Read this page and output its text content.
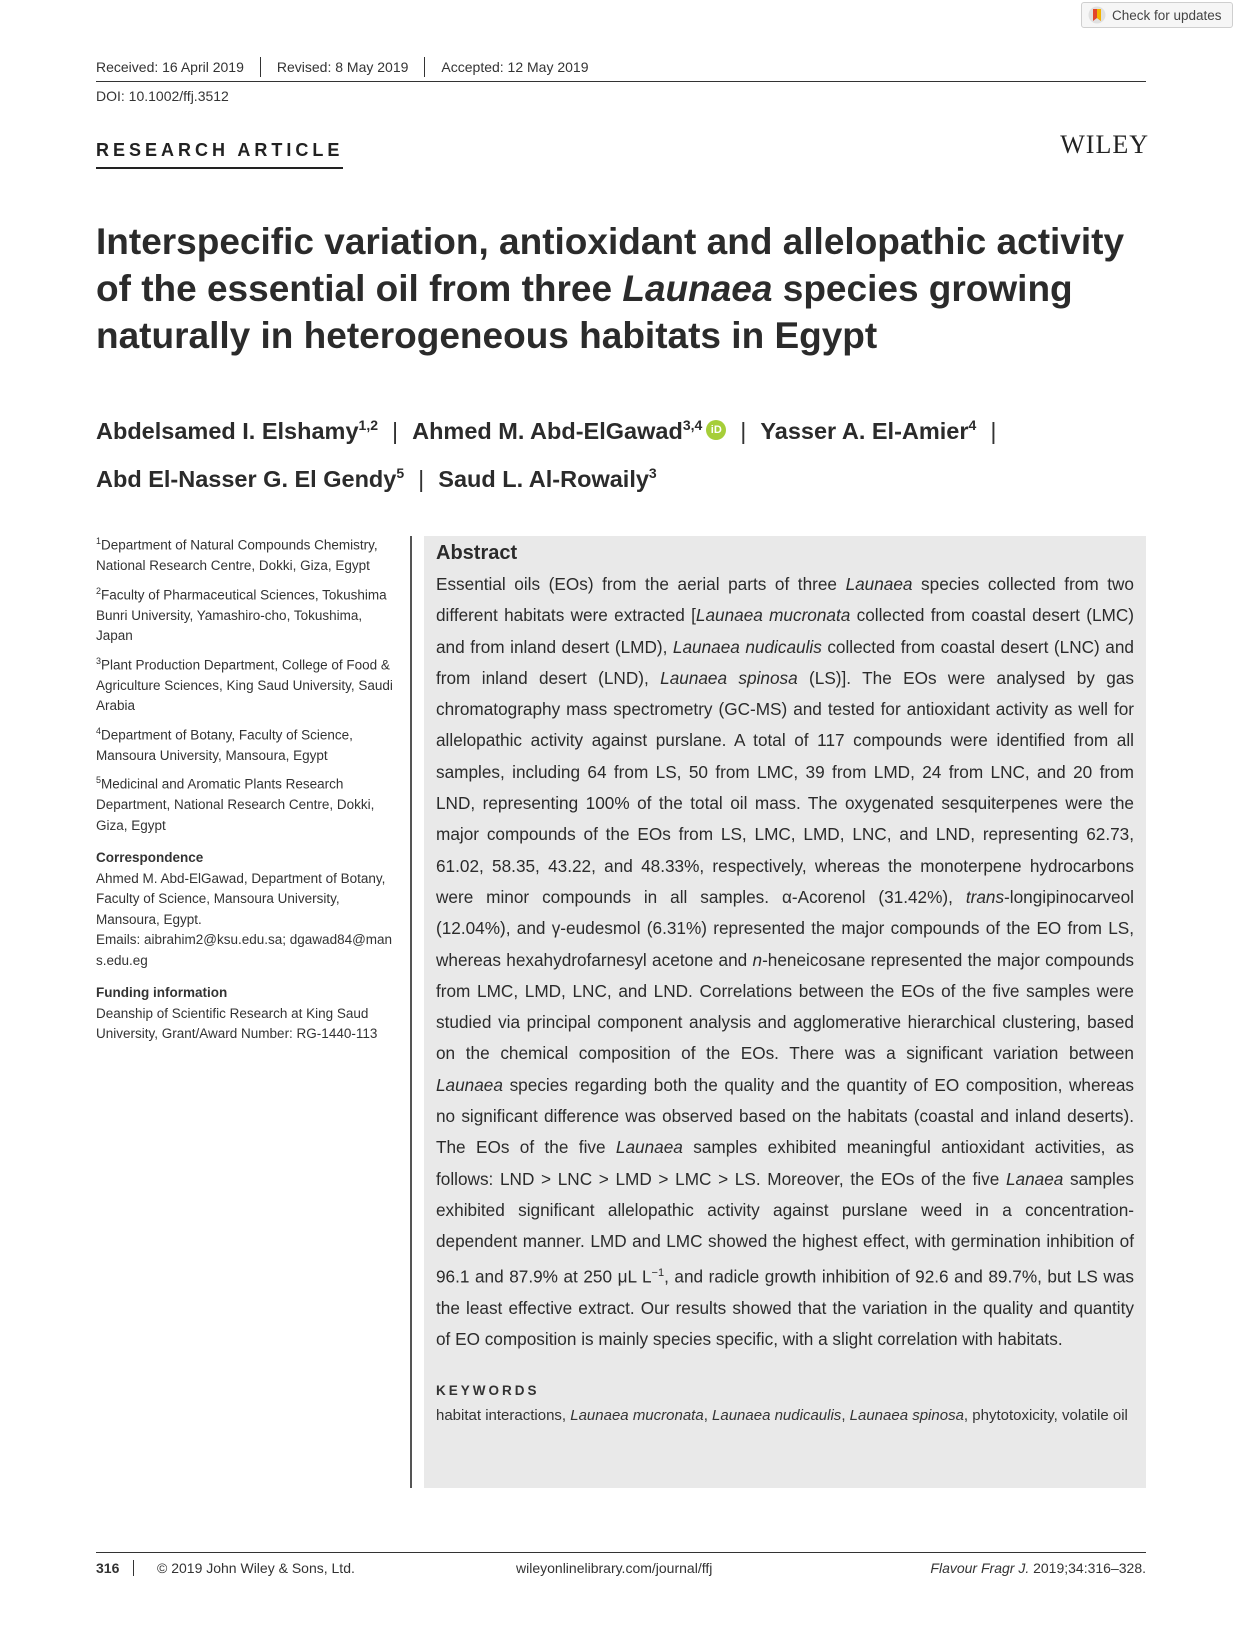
Check for updates
Received: 16 April 2019	Revised: 8 May 2019	Accepted: 12 May 2019
DOI: 10.1002/ffj.3512
RESEARCH ARTICLE	WILEY
Interspecific variation, antioxidant and allelopathic activity of the essential oil from three Launaea species growing naturally in heterogeneous habitats in Egypt
Abdelsamed I. Elshamy$^{1,2}$ | Ahmed M. Abd-ElGawad$^{3,4}$ iD | Yasser A. El-Amier$^4$ |
Abd El-Nasser G. El Gendy$^5$ | Saud L. Al-Rowaily$^3$
$^1$Department of Natural Compounds Chemistry, National Research Centre, Dokki, Giza, Egypt
$^2$Faculty of Pharmaceutical Sciences, Tokushima Bunri University, Yamashiro-cho, Tokushima, Japan
$^3$Plant Production Department, College of Food & Agriculture Sciences, King Saud University, Saudi Arabia
$^4$Department of Botany, Faculty of Science, Mansoura University, Mansoura, Egypt
$^5$Medicinal and Aromatic Plants Research Department, National Research Centre, Dokki, Giza, Egypt
Correspondence

Ahmed M. Abd-ElGawad, Department of Botany, Faculty of Science, Mansoura University, Mansoura, Egypt.

Emails: aibrahim2@ksu.edu.sa; dgawad84@mans.edu.eg

Funding information

Deanship of Scientific Research at King Saud University, Grant/Award Number: RG-1440-113

Abstract
Essential oils (EOs) from the aerial parts of three Launaea species collected from two different habitats were extracted [Launaea mucronata collected from coastal desert (LMC) and from inland desert (LMD), Launaea nudicaulis collected from coastal desert (LNC) and from inland desert (LND), Launaea spinosa (LS)]. The EOs were analysed by gas chromatography mass spectrometry (GC-MS) and tested for antioxidant activity as well for allelopathic activity against purslane. A total of 117 compounds were identified from all samples, including 64 from LS, 50 from LMC, 39 from LMD, 24 from LNC, and 20 from LND, representing 100% of the total oil mass. The oxygenated sesquiterpenes were the major compounds of the EOs from LS, LMC, LMD, LNC, and LND, representing 62.73, 61.02, 58.35, 43.22, and 48.33%, respectively, whereas the monoterpene hydrocarbons were minor compounds in all samples. α-Acorenol (31.42%), trans-longipinocarveol (12.04%), and γ-eudesmol (6.31%) represented the major compounds of the EO from LS, whereas hexahydrofarnesyl acetone and n-heneicosane represented the major compounds from LMC, LMD, LNC, and LND. Correlations between the EOs of the five samples were studied via principal component analysis and agglomerative hierarchical clustering, based on the chemical composition of the EOs. There was a significant variation between Launaea species regarding both the quality and the quantity of EO composition, whereas no significant difference was observed based on the habitats (coastal and inland deserts). The EOs of the five Launaea samples exhibited meaningful antioxidant activities, as follows: LND > LNC > LMD > LMC > LS. Moreover, the EOs of the five Lanaea samples exhibited significant allelopathic activity against purslane weed in a concentration-dependent manner. LMD and LMC showed the highest effect, with germination inhibition of 96.1 and 87.9% at 250 μL $L^{-1}$, and radicle growth inhibition of 92.6 and 89.7%, but LS was the least effective extract. Our results showed that the variation in the quality and quantity of EO composition is mainly species specific, with a slight correlation with habitats.
KEYWORDS
habitat interactions, Launaea mucronata, Launaea nudicaulis, Launaea spinosa, phytotoxicity, volatile oil
316	© 2019 John Wiley & Sons, Ltd.	wileyonlinelibrary.com/journal/ffj	Flavour Fragr J. 2019;34:316–328.
